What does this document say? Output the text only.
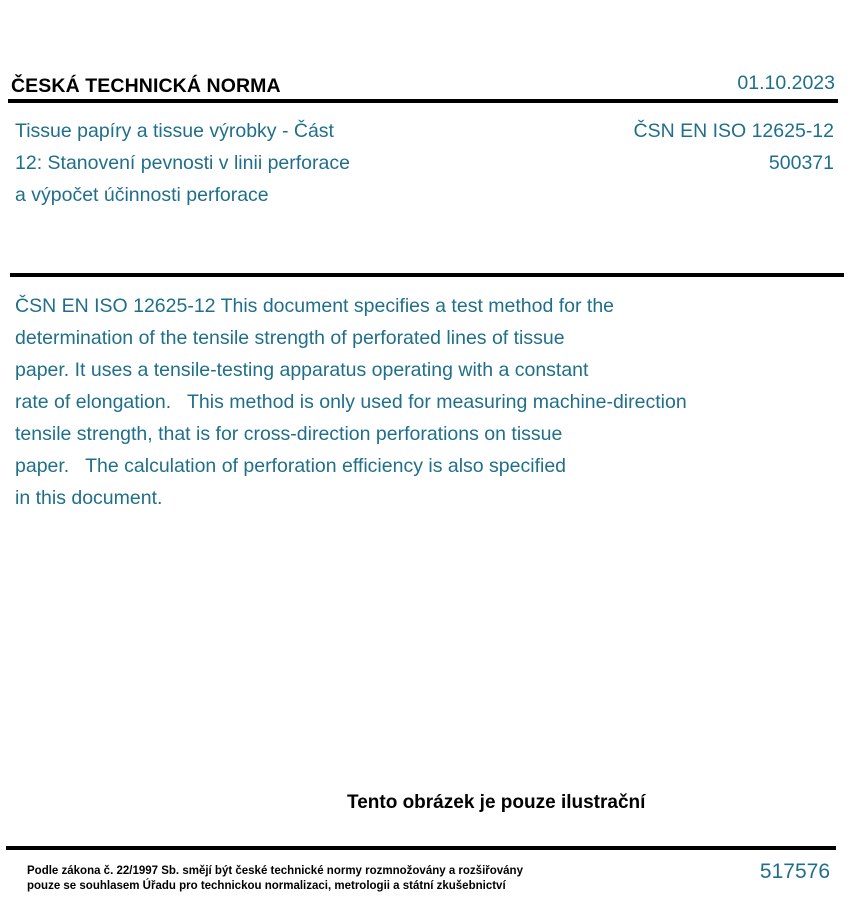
ČESKÁ TECHNICKÁ NORMA	01.10.2023
Tissue papíry a tissue výrobky - Část
12: Stanovení pevnosti v linii perforace
a výpočet účinnosti perforace
ČSN EN ISO 12625-12
500371
ČSN EN ISO 12625-12 This document specifies a test method for the
determination of the tensile strength of perforated lines of tissue
paper. It uses a tensile-testing apparatus operating with a constant
rate of elongation.   This method is only used for measuring machine-direction
tensile strength, that is for cross-direction perforations on tissue
paper.   The calculation of perforation efficiency is also specified
in this document.
Tento obrázek je pouze ilustrační
Podle zákona č. 22/1997 Sb. smějí být české technické normy rozmnožovány a rozšiřovány
pouze se souhlasem Úřadu pro technickou normalizaci, metrologii a státní zkušebnictví
517576
